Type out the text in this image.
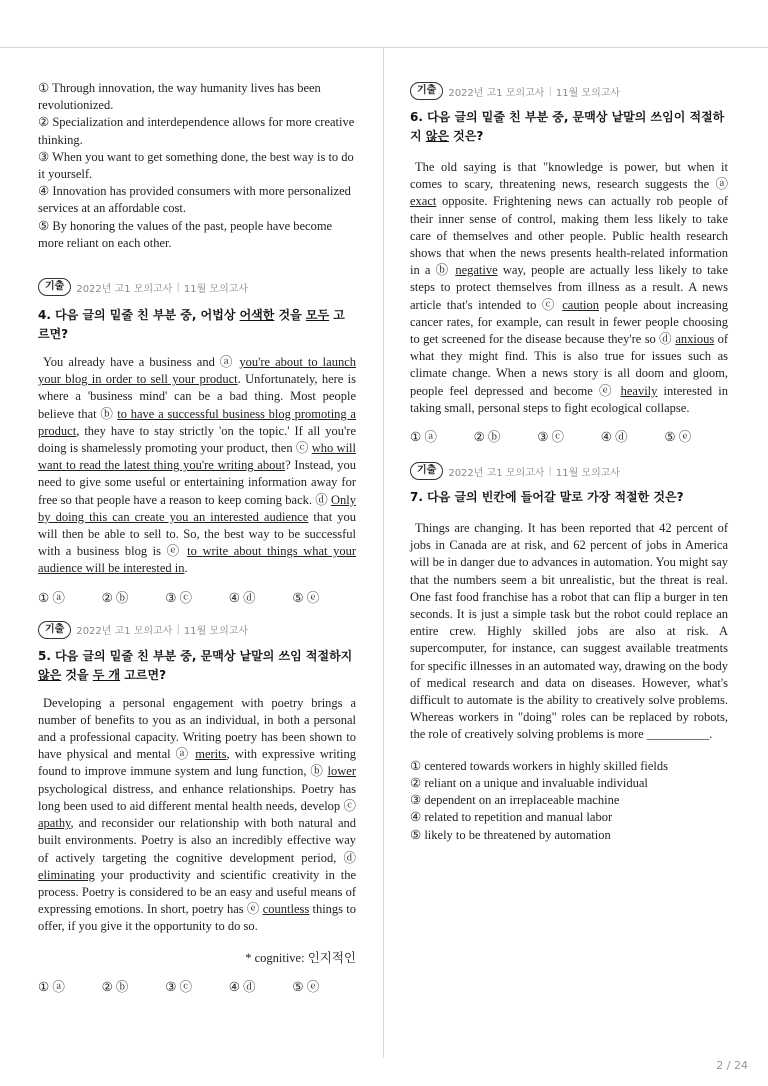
① Through innovation, the way humanity lives has been revolutionized.
② Specialization and interdependence allows for more creative thinking.
③ When you want to get something done, the best way is to do it yourself.
④ Innovation has provided consumers with more personalized services at an affordable cost.
⑤ By honoring the values of the past, people have become more reliant on each other.
기출	2022년 고1 모의고사 | 11월 모의고사
4. 다음 글의 밑줄 친 부분 중, 어법상 어색한 것을 모두 고르면?
You already have a business and ⓐ you're about to launch your blog in order to sell your product. Unfortunately, here is where a 'business mind' can be a bad thing. Most people believe that ⓑ to have a successful business blog promoting a product, they have to stay strictly 'on the topic.' If all you're doing is shamelessly promoting your product, then ⓒ who will want to read the latest thing you're writing about? Instead, you need to give some useful or entertaining information away for free so that people have a reason to keep coming back. ⓓ Only by doing this can create you an interested audience that you will then be able to sell to. So, the best way to be successful with a business blog is ⓔ to write about things what your audience will be interested in.
① ⓐ	② ⓑ	③ ⓒ	④ ⓓ	⑤ ⓔ
기출	2022년 고1 모의고사 | 11월 모의고사
5. 다음 글의 밑줄 친 부분 중, 문맥상 낱말의 쓰임 적절하지 않은 것을 두 개 고르면?
Developing a personal engagement with poetry brings a number of benefits to you as an individual, in both a personal and a professional capacity. Writing poetry has been shown to have physical and mental ⓐ merits, with expressive writing found to improve immune system and lung function, ⓑ lower psychological distress, and enhance relationships. Poetry has long been used to aid different mental health needs, develop ⓒ apathy, and reconsider our relationship with both natural and built environments. Poetry is also an incredibly effective way of actively targeting the cognitive development period, ⓓ eliminating your productivity and scientific creativity in the process. Poetry is considered to be an easy and useful means of expressing emotions. In short, poetry has ⓔ countless things to offer, if you give it the opportunity to do so.
* cognitive: 인지적인
① ⓐ	② ⓑ	③ ⓒ	④ ⓓ	⑤ ⓔ
기출	2022년 고1 모의고사 | 11월 모의고사
6. 다음 글의 밑줄 친 부분 중, 문맥상 낱말의 쓰임이 적절하지 않은 것은?
The old saying is that "knowledge is power, but when it comes to scary, threatening news, research suggests the ⓐ exact opposite. Frightening news can actually rob people of their inner sense of control, making them less likely to take care of themselves and other people. Public health research shows that when the news presents health-related information in a ⓑ negative way, people are actually less likely to take steps to protect themselves from illness as a result. A news article that's intended to ⓒ caution people about increasing cancer rates, for example, can result in fewer people choosing to get screened for the disease because they're so ⓓ anxious of what they might find. This is also true for issues such as climate change. When a news story is all doom and gloom, people feel depressed and become ⓔ heavily interested in taking small, personal steps to fight ecological collapse.
① ⓐ	② ⓑ	③ ⓒ	④ ⓓ	⑤ ⓔ
기출	2022년 고1 모의고사 | 11월 모의고사
7. 다음 글의 빈칸에 들어갈 말로 가장 적절한 것은?
Things are changing. It has been reported that 42 percent of jobs in Canada are at risk, and 62 percent of jobs in America will be in danger due to advances in automation. You might say that the numbers seem a bit unrealistic, but the threat is real. One fast food franchise has a robot that can flip a burger in ten seconds. It is just a simple task but the robot could replace an entire crew. Highly skilled jobs are also at risk. A supercomputer, for instance, can suggest available treatments for specific illnesses in an automated way, drawing on the body of medical research and data on diseases. However, what's difficult to automate is the ability to creatively solve problems. Whereas workers in "doing" roles can be replaced by robots, the role of creatively solving problems is more __________.
① centered towards workers in highly skilled fields
② reliant on a unique and invaluable individual
③ dependent on an irreplaceable machine
④ related to repetition and manual labor
⑤ likely to be threatened by automation
2 / 24
